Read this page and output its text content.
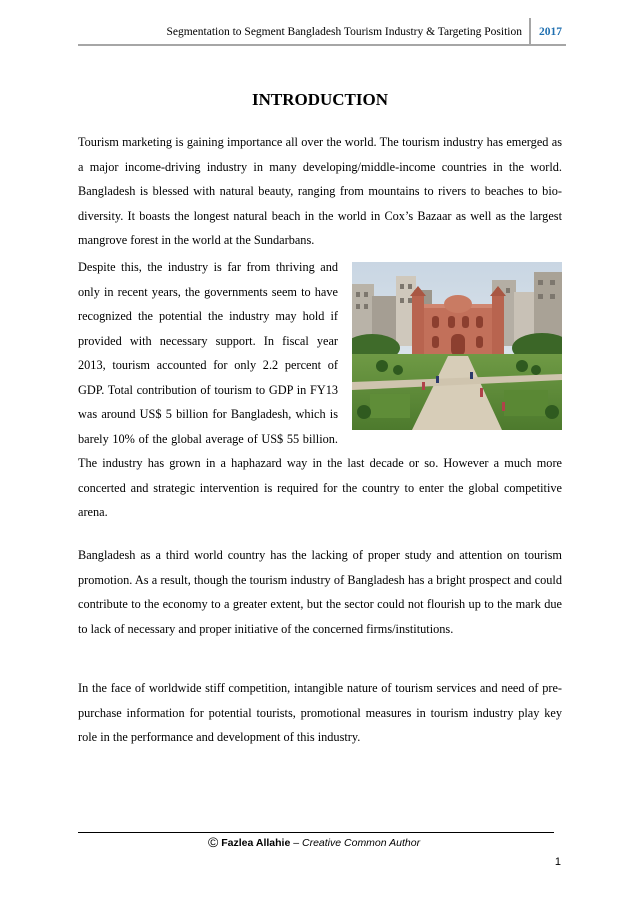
Segmentation to Segment Bangladesh Tourism Industry & Targeting Position 2017
INTRODUCTION

Tourism marketing is gaining importance all over the world. The tourism industry has emerged as a major income-driving industry in many developing/middle-income countries in the world. Bangladesh is blessed with natural beauty, ranging from mountains to rivers to beaches to bio-diversity. It boasts the longest natural beach in the world in Cox’s Bazaar as well as the largest mangrove forest in the world at the Sundarbans.

Despite this, the industry is far from thriving and only in recent years, the governments seem to have recognized the potential the industry may hold if provided with necessary support. In fiscal year 2013, tourism accounted for only 2.2 percent of GDP. Total contribution of tourism to GDP in FY13 was around US$ 5 billion for Bangladesh, which is barely 10% of the global average of US$ 55 billion. The industry has grown in a haphazard way in the last decade or so. However a much more concerted and strategic intervention is required for the country to enter the global competitive arena.

Bangladesh as a third world country has the lacking of proper study and attention on tourism promotion. As a result, though the tourism industry of Bangladesh has a bright prospect and could contribute to the economy to a greater extent, but the sector could not flourish up to the mark due to lack of necessary and proper initiative of the concerned firms/institutions.

In the face of worldwide stiff competition, intangible nature of tourism services and need of pre-purchase information for potential tourists, promotional measures in tourism industry play key role in the performance and development of this industry.

© Fazlea Allahie – Creative Common Author
1
